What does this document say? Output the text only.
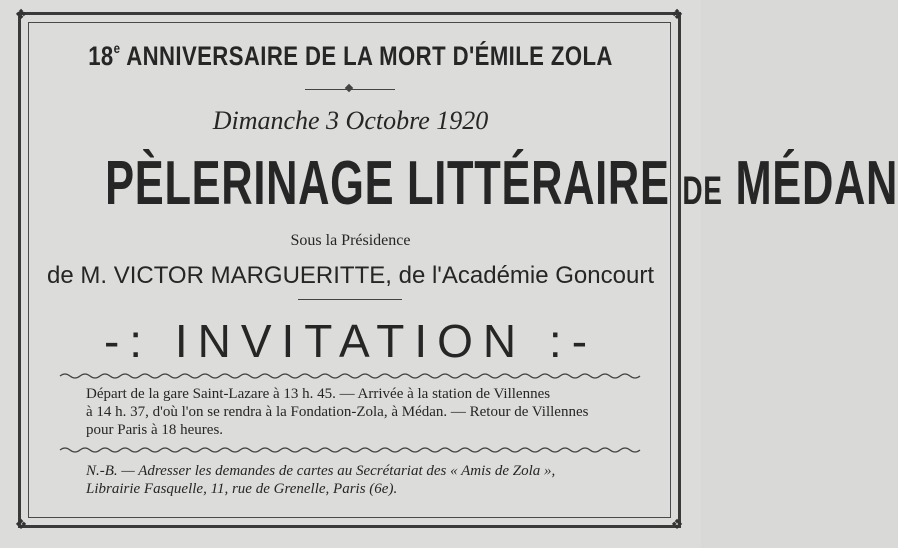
❖	❖
❖	❖
18e ANNIVERSAIRE DE LA MORT D'ÉMILE ZOLA
Dimanche 3 Octobre 1920
PÈLERINAGE LITTÉRAIRE DE MÉDAN
Sous la Présidence
de M. VICTOR MARGUERITTE, de l'Académie Goncourt
-: INVITATION :-
Départ de la gare Saint-Lazare à 13 h. 45. — Arrivée à la station de Villennes
à 14 h. 37, d'où l'on se rendra à la Fondation-Zola, à Médan. — Retour de Villennes
pour Paris à 18 heures.
N.-B. — Adresser les demandes de cartes au Secrétariat des « Amis de Zola »,
Librairie Fasquelle, 11, rue de Grenelle, Paris (6e).
